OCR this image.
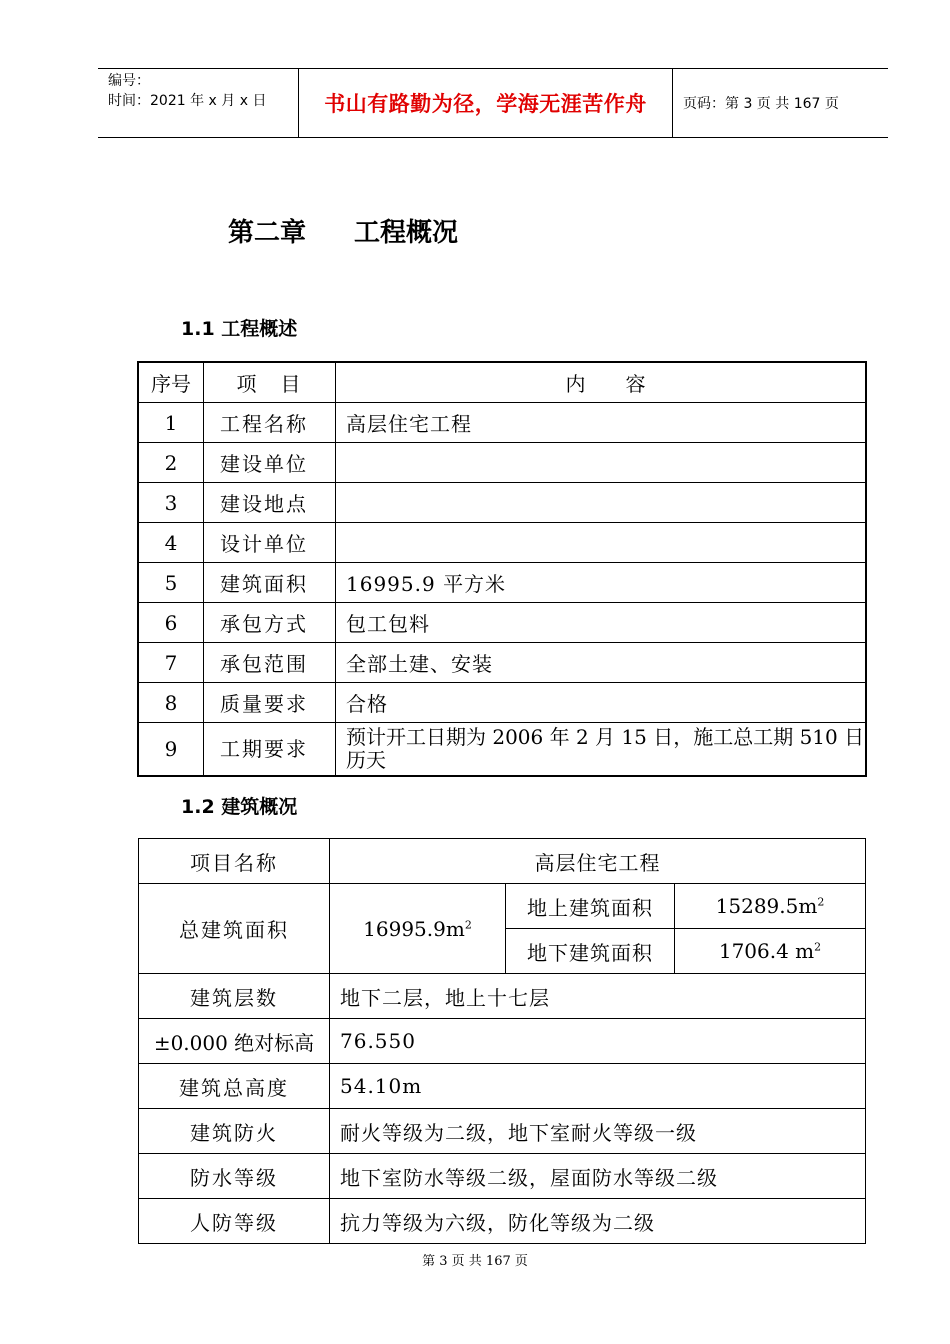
编号：
时间：2021 年 x 月 x 日	书山有路勤为径，学海无涯苦作舟	页码：第 3 页 共 167 页
第二章 工程概况
1.1 工程概述
序号	项　目	内　　容
1	工程名称	高层住宅工程
2	建设单位	
3	建设地点	
4	设计单位	
5	建筑面积	16995.9 平方米
6	承包方式	包工包料
7	承包范围	全部土建、安装
8	质量要求	合格
9	工期要求	预计开工日期为 2006 年 2 月 15 日，施工总工期 510 日历天
1.2 建筑概况
项目名称	高层住宅工程		
总建筑面积	$16995.9m^2$	地上建筑面积	$15289.5m^2$
		地下建筑面积	1706.4 $m^2$
建筑层数	地下二层，地上十七层		
±0.000 绝对标高	76.550		
建筑总高度	54.10m		
建筑防火	耐火等级为二级，地下室耐火等级一级		
防水等级	地下室防水等级二级，屋面防水等级二级		
人防等级	抗力等级为六级，防化等级为二级		
第 3 页 共 167 页
